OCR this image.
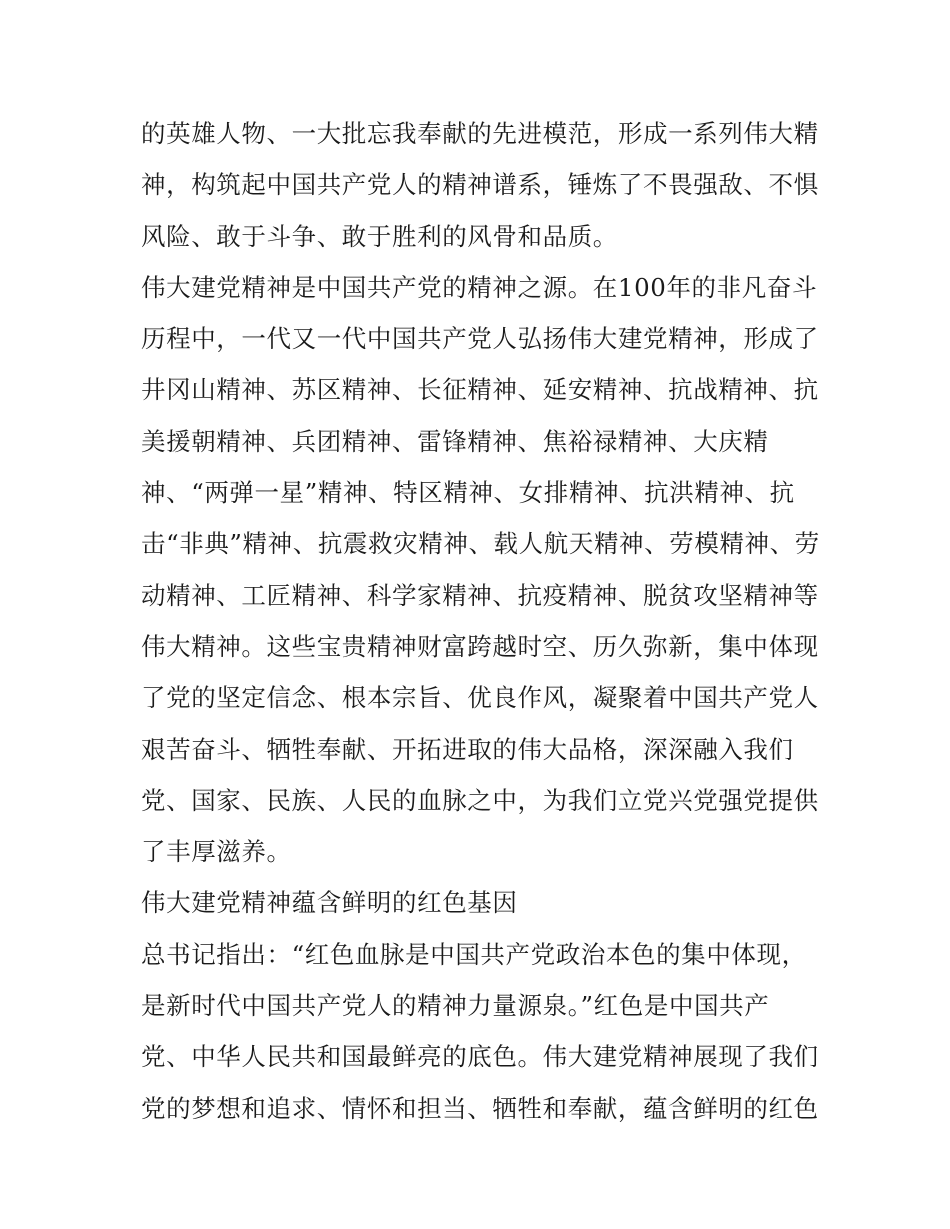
的英雄人物、一大批忘我奉献的先进模范，形成一系列伟大精
神，构筑起中国共产党人的精神谱系，锤炼了不畏强敌、不惧
风险、敢于斗争、敢于胜利的风骨和品质。
伟大建党精神是中国共产党的精神之源。在100年的非凡奋斗
历程中，一代又一代中国共产党人弘扬伟大建党精神，形成了
井冈山精神、苏区精神、长征精神、延安精神、抗战精神、抗
美援朝精神、兵团精神、雷锋精神、焦裕禄精神、大庆精
神、“两弹一星”精神、特区精神、女排精神、抗洪精神、抗
击“非典”精神、抗震救灾精神、载人航天精神、劳模精神、劳
动精神、工匠精神、科学家精神、抗疫精神、脱贫攻坚精神等
伟大精神。这些宝贵精神财富跨越时空、历久弥新，集中体现
了党的坚定信念、根本宗旨、优良作风，凝聚着中国共产党人
艰苦奋斗、牺牲奉献、开拓进取的伟大品格，深深融入我们
党、国家、民族、人民的血脉之中，为我们立党兴党强党提供
了丰厚滋养。
伟大建党精神蕴含鲜明的红色基因
总书记指出：“红色血脉是中国共产党政治本色的集中体现，
是新时代中国共产党人的精神力量源泉。”红色是中国共产
党、中华人民共和国最鲜亮的底色。伟大建党精神展现了我们
党的梦想和追求、情怀和担当、牺牲和奉献，蕴含鲜明的红色
